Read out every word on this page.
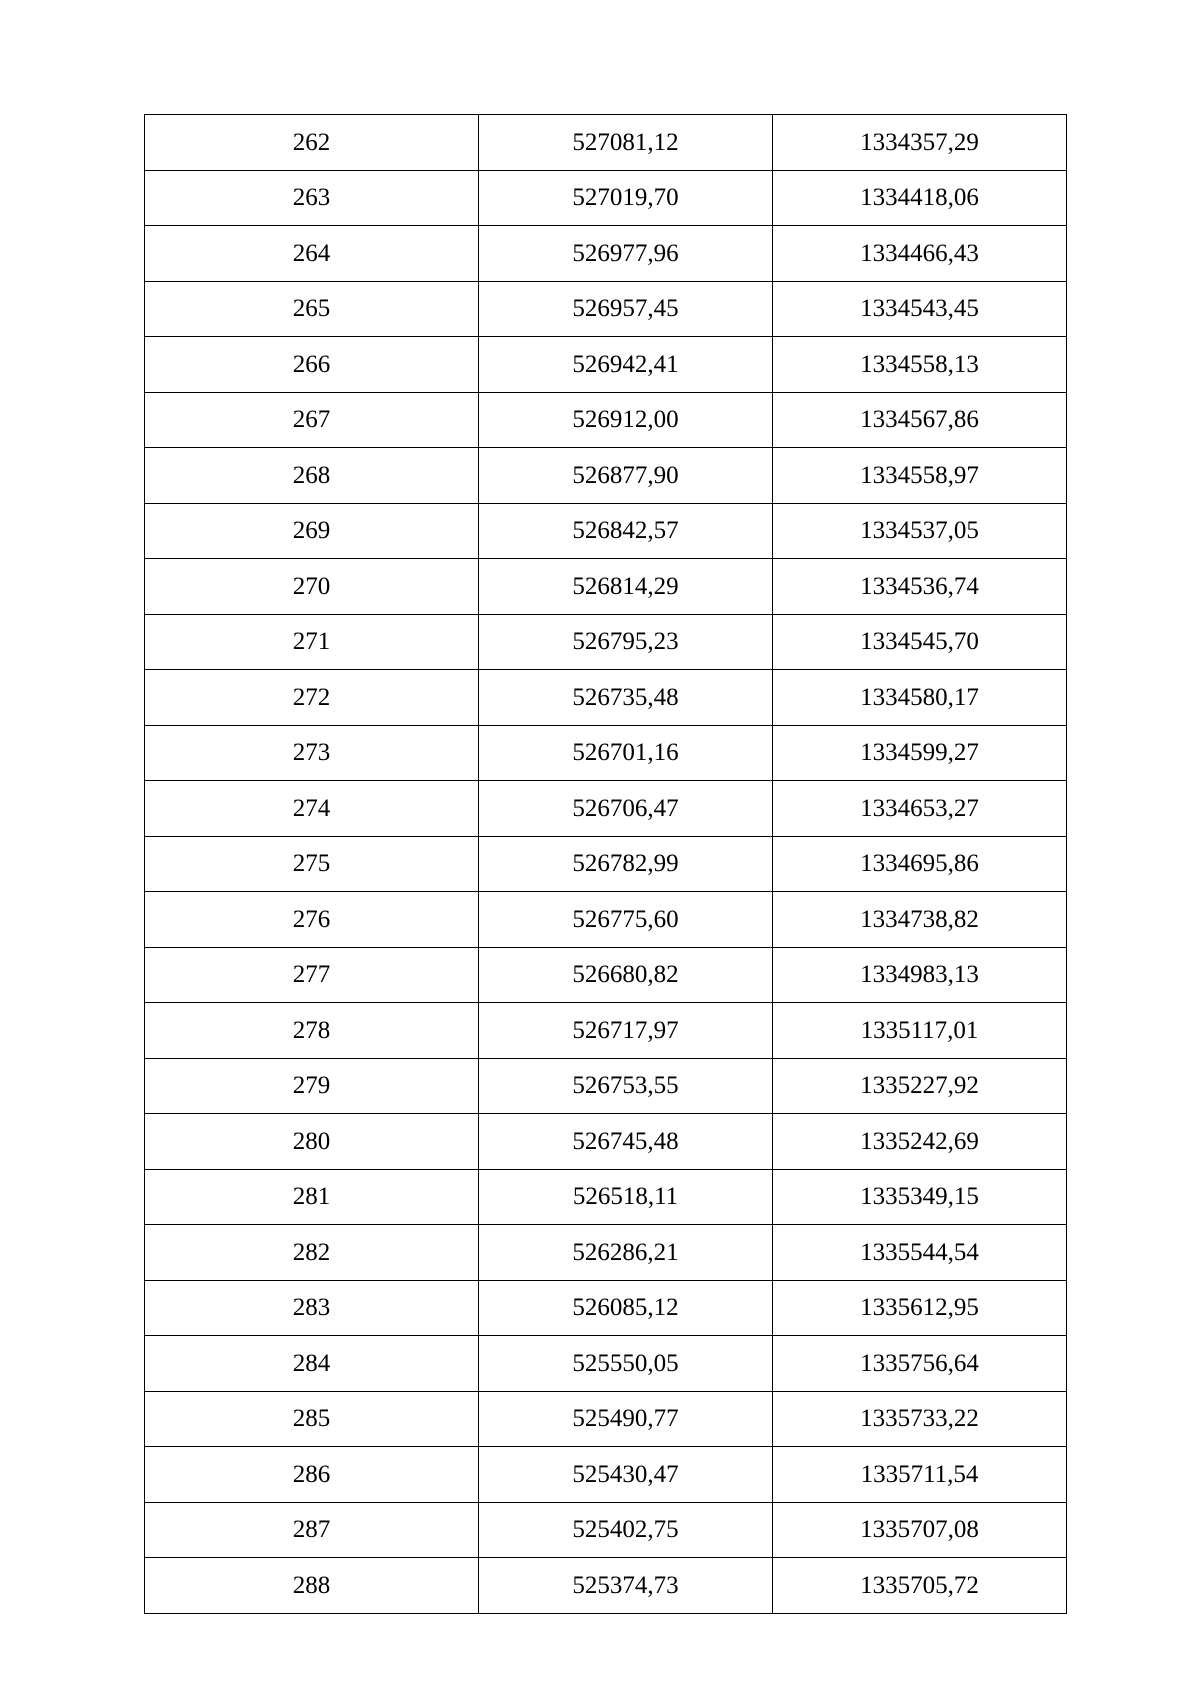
262	527081,12	1334357,29
263	527019,70	1334418,06
264	526977,96	1334466,43
265	526957,45	1334543,45
266	526942,41	1334558,13
267	526912,00	1334567,86
268	526877,90	1334558,97
269	526842,57	1334537,05
270	526814,29	1334536,74
271	526795,23	1334545,70
272	526735,48	1334580,17
273	526701,16	1334599,27
274	526706,47	1334653,27
275	526782,99	1334695,86
276	526775,60	1334738,82
277	526680,82	1334983,13
278	526717,97	1335117,01
279	526753,55	1335227,92
280	526745,48	1335242,69
281	526518,11	1335349,15
282	526286,21	1335544,54
283	526085,12	1335612,95
284	525550,05	1335756,64
285	525490,77	1335733,22
286	525430,47	1335711,54
287	525402,75	1335707,08
288	525374,73	1335705,72
